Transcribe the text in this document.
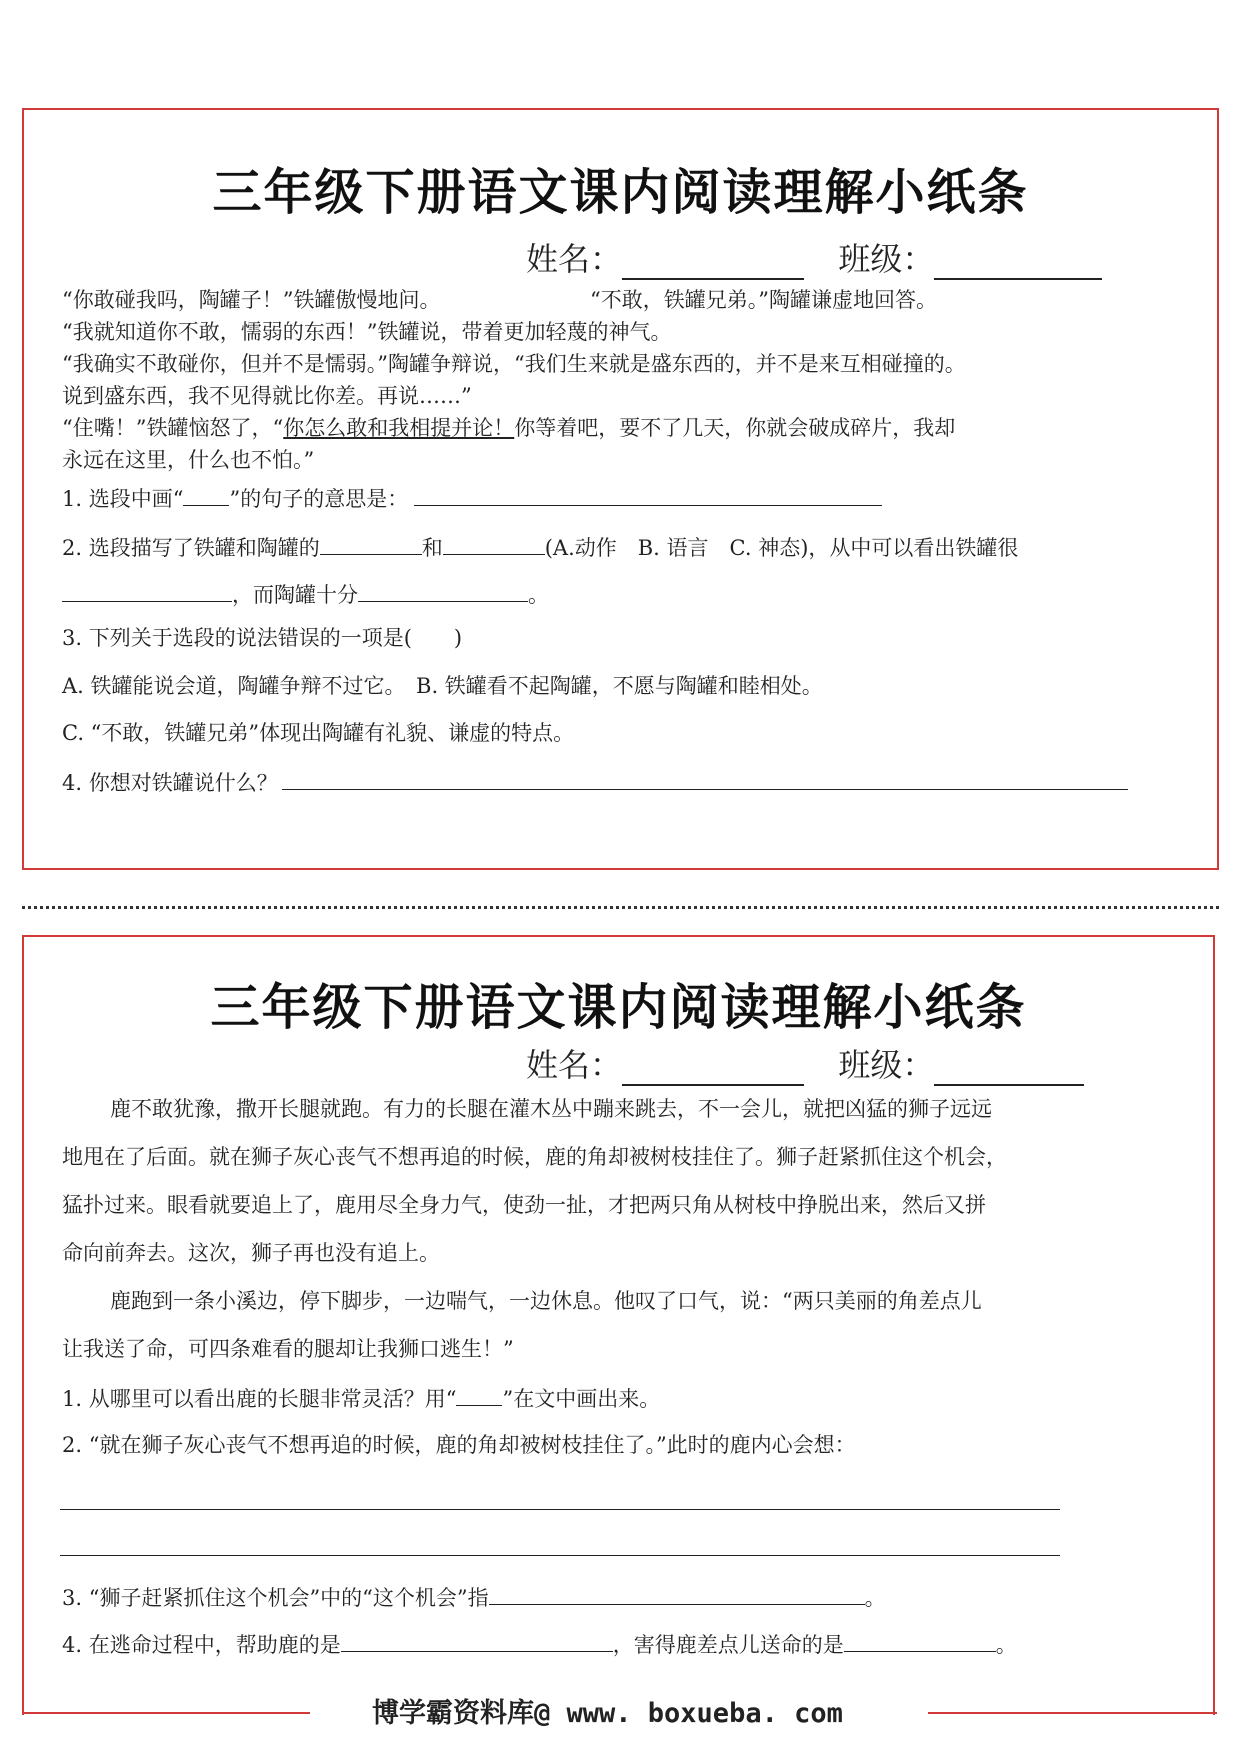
三年级下册语文课内阅读理解小纸条
姓名：	班级：
“你敢碰我吗，陶罐子！”铁罐傲慢地问。	“不敢，铁罐兄弟。”陶罐谦虚地回答。
“我就知道你不敢，懦弱的东西！”铁罐说，带着更加轻蔑的神气。
“我确实不敢碰你，但并不是懦弱。”陶罐争辩说，“我们生来就是盛东西的，并不是来互相碰撞的。
说到盛东西，我不见得就比你差。再说……”
“住嘴！”铁罐恼怒了，“你怎么敢和我相提并论！你等着吧，要不了几天，你就会破成碎片，我却
永远在这里，什么也不怕。”
1. 选段中画“ ”的句子的意思是：
2. 选段描写了铁罐和陶罐的	和	(A.动作　B. 语言　C. 神态)，从中可以看出铁罐很
，而陶罐十分	。
3. 下列关于选段的说法错误的一项是(　　)
A. 铁罐能说会道，陶罐争辩不过它。　B. 铁罐看不起陶罐，不愿与陶罐和睦相处。
C. “不敢，铁罐兄弟”体现出陶罐有礼貌、谦虚的特点。
4. 你想对铁罐说什么？
三年级下册语文课内阅读理解小纸条
姓名：	班级：
鹿不敢犹豫，撒开长腿就跑。有力的长腿在灌木丛中蹦来跳去，不一会儿，就把凶猛的狮子远远
地甩在了后面。就在狮子灰心丧气不想再追的时候，鹿的角却被树枝挂住了。狮子赶紧抓住这个机会，
猛扑过来。眼看就要追上了，鹿用尽全身力气，使劲一扯，才把两只角从树枝中挣脱出来，然后又拼
命向前奔去。这次，狮子再也没有追上。
鹿跑到一条小溪边，停下脚步，一边喘气，一边休息。他叹了口气，说：“两只美丽的角差点儿
让我送了命，可四条难看的腿却让我狮口逃生！”
1. 从哪里可以看出鹿的长腿非常灵活？用“ ”在文中画出来。
2. “就在狮子灰心丧气不想再追的时候，鹿的角却被树枝挂住了。”此时的鹿内心会想：
3. “狮子赶紧抓住这个机会”中的“这个机会”指	。
4. 在逃命过程中，帮助鹿的是	，害得鹿差点儿送命的是	。
博学霸资料库@ www. boxueba. com
